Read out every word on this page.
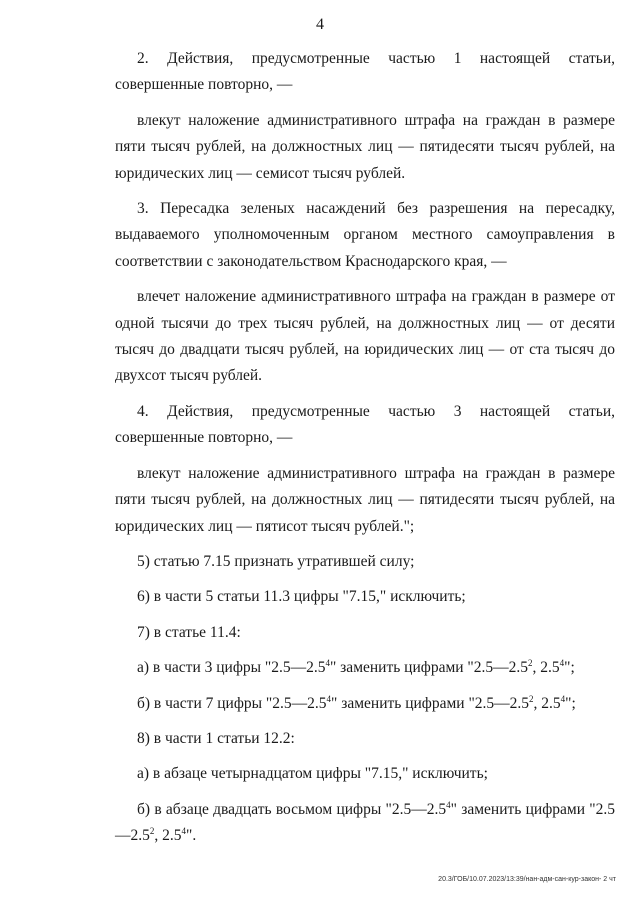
4

2. Действия, предусмотренные частью 1 настоящей статьи, совершенные повторно, —

влекут наложение административного штрафа на граждан в размере пяти тысяч рублей, на должностных лиц — пятидесяти тысяч рублей, на юридических лиц — семисот тысяч рублей.

3. Пересадка зеленых насаждений без разрешения на пересадку, выдаваемого уполномоченным органом местного самоуправления в соответствии с законодательством Краснодарского края, —

влечет наложение административного штрафа на граждан в размере от одной тысячи до трех тысяч рублей, на должностных лиц — от десяти тысяч до двадцати тысяч рублей, на юридических лиц — от ста тысяч до двухсот тысяч рублей.

4. Действия, предусмотренные частью 3 настоящей статьи, совершенные повторно, —

влекут наложение административного штрафа на граждан в размере пяти тысяч рублей, на должностных лиц — пятидесяти тысяч рублей, на юридических лиц — пятисот тысяч рублей.";

5) статью 7.15 признать утратившей силу;

6) в части 5 статьи 11.3 цифры "7.15," исключить;

7) в статье 11.4:

а) в части 3 цифры "$2.5—2.5^4$" заменить цифрами "$2.5—2.5^2$, $2.5^4$";

б) в части 7 цифры "$2.5—2.5^4$" заменить цифрами "$2.5—2.5^2$, $2.5^4$";

8) в части 1 статьи 12.2:

а) в абзаце четырнадцатом цифры "7.15," исключить;

б) в абзаце двадцать восьмом цифры "$2.5—2.5^4$" заменить цифрами "$2.5—2.5^2$, $2.5^4$".

20.3/ГОБ/10.07.2023/13:39/нан-адм-сан-кур-закон- 2 чт
